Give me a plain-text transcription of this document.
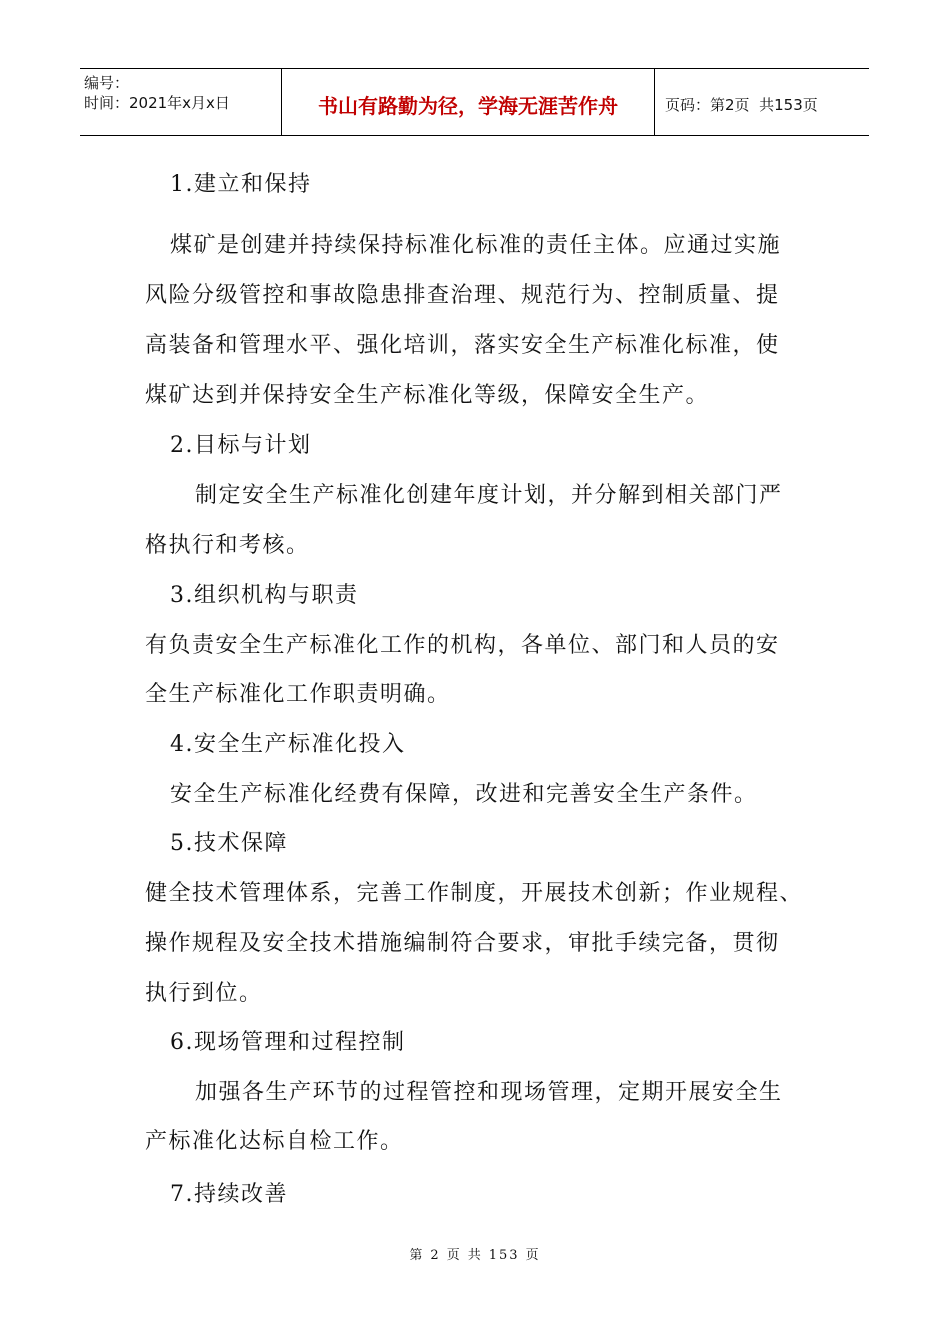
编号：
时间：2021年x月x日	书山有路勤为径，学海无涯苦作舟	页码： 第2页
共153页
1.建立和保持
煤矿是创建并持续保持标准化标准的责任主体。应通过实施
风险分级管控和事故隐患排查治理、规范行为、控制质量、提
高装备和管理水平、强化培训，落实安全生产标准化标准，使
煤矿达到并保持安全生产标准化等级，保障安全生产。
2.目标与计划
制定安全生产标准化创建年度计划，并分解到相关部门严
格执行和考核。
3.组织机构与职责
有负责安全生产标准化工作的机构，各单位、部门和人员的安
全生产标准化工作职责明确。
4.安全生产标准化投入
安全生产标准化经费有保障，改进和完善安全生产条件。
5.技术保障
健全技术管理体系，完善工作制度，开展技术创新；作业规程、
操作规程及安全技术措施编制符合要求，审批手续完备，贯彻
执行到位。
6.现场管理和过程控制
加强各生产环节的过程管控和现场管理，定期开展安全生
产标准化达标自检工作。
7.持续改善
第 2 页 共 153 页
